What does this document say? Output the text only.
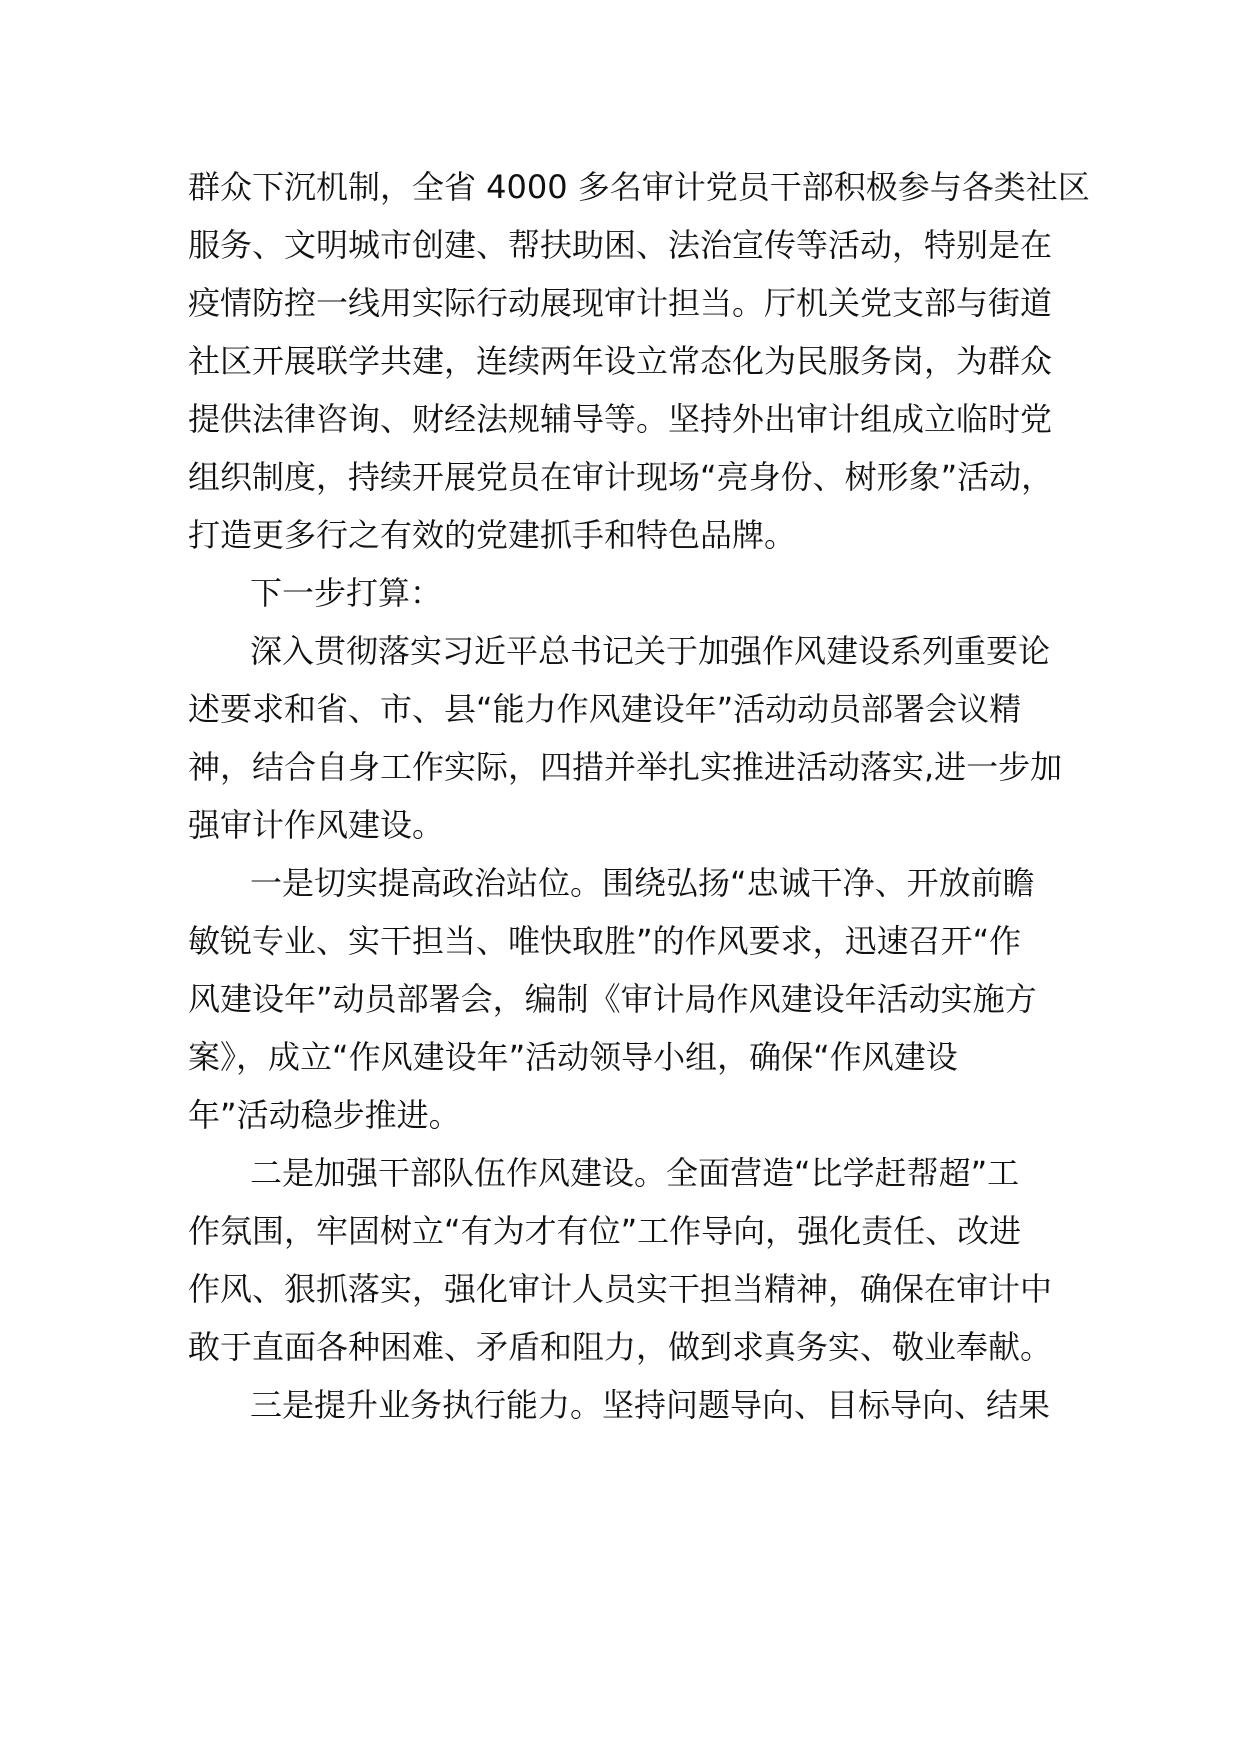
群众下沉机制，全省 4000 多名审计党员干部积极参与各类社区
服务、文明城市创建、帮扶助困、法治宣传等活动，特别是在
疫情防控一线用实际行动展现审计担当。厅机关党支部与街道
社区开展联学共建，连续两年设立常态化为民服务岗，为群众
提供法律咨询、财经法规辅导等。坚持外出审计组成立临时党
组织制度，持续开展党员在审计现场“亮身份、树形象”活动，
打造更多行之有效的党建抓手和特色品牌。
下一步打算：
深入贯彻落实习近平总书记关于加强作风建设系列重要论
述要求和省、市、县“能力作风建设年”活动动员部署会议精
神，结合自身工作实际，四措并举扎实推进活动落实,进一步加
强审计作风建设。
一是切实提高政治站位。围绕弘扬“忠诚干净、开放前瞻
敏锐专业、实干担当、唯快取胜”的作风要求，迅速召开“作
风建设年”动员部署会，编制《审计局作风建设年活动实施方
案》，成立“作风建设年”活动领导小组，确保“作风建设
年”活动稳步推进。
二是加强干部队伍作风建设。全面营造“比学赶帮超”工
作氛围，牢固树立“有为才有位”工作导向，强化责任、改进
作风、狠抓落实，强化审计人员实干担当精神，确保在审计中
敢于直面各种困难、矛盾和阻力，做到求真务实、敬业奉献。
三是提升业务执行能力。坚持问题导向、目标导向、结果
